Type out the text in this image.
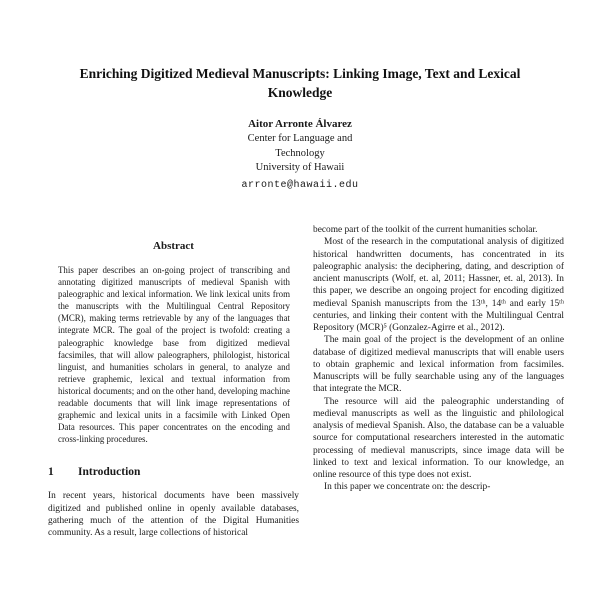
Enriching Digitized Medieval Manuscripts: Linking Image, Text and Lexical Knowledge
Aitor Arronte Álvarez
Center for Language and
Technology
University of Hawaii
arronte@hawaii.edu
Abstract

This paper describes an on-going project of transcribing and annotating digitized manuscripts of medieval Spanish with paleographic and lexical information. We link lexical units from the manuscripts with the Multilingual Central Repository (MCR), making terms retrievable by any of the languages that integrate MCR. The goal of the project is twofold: creating a paleographic knowledge base from digitized medieval facsimiles, that will allow paleographers, philologist, historical linguist, and humanities scholars in general, to analyze and retrieve graphemic, lexical and textual information from historical documents; and on the other hand, developing machine readable documents that will link image representations of graphemic and lexical units in a facsimile with Linked Open Data resources. This paper concentrates on the encoding and cross-linking procedures.

1 Introduction

In recent years, historical documents have been massively digitized and published online in openly available databases, gathering much of the attention of the Digital Humanities community. As a result, large collections of historical

become part of the toolkit of the current humanities scholar.

Most of the research in the computational analysis of digitized historical handwritten documents, has concentrated in its paleographic analysis: the deciphering, dating, and description of ancient manuscripts (Wolf, et. al, 2011; Hassner, et. al, 2013). In this paper, we describe an ongoing project for encoding digitized medieval Spanish manuscripts from the 13ᵗʰ, 14ᵗʰ and early 15ᵗʰ centuries, and linking their content with the Multilingual Central Repository (MCR)⁵ (Gonzalez-Agirre et al., 2012).

The main goal of the project is the development of an online database of digitized medieval manuscripts that will enable users to obtain graphemic and lexical information from facsimiles. Manuscripts will be fully searchable using any of the languages that integrate the MCR.

The resource will aid the paleographic understanding of medieval manuscripts as well as the linguistic and philological analysis of medieval Spanish. Also, the database can be a valuable source for computational researchers interested in the automatic processing of medieval manuscripts, since image data will be linked to text and lexical information. To our knowledge, an online resource of this type does not exist.

In this paper we concentrate on: the descrip-
